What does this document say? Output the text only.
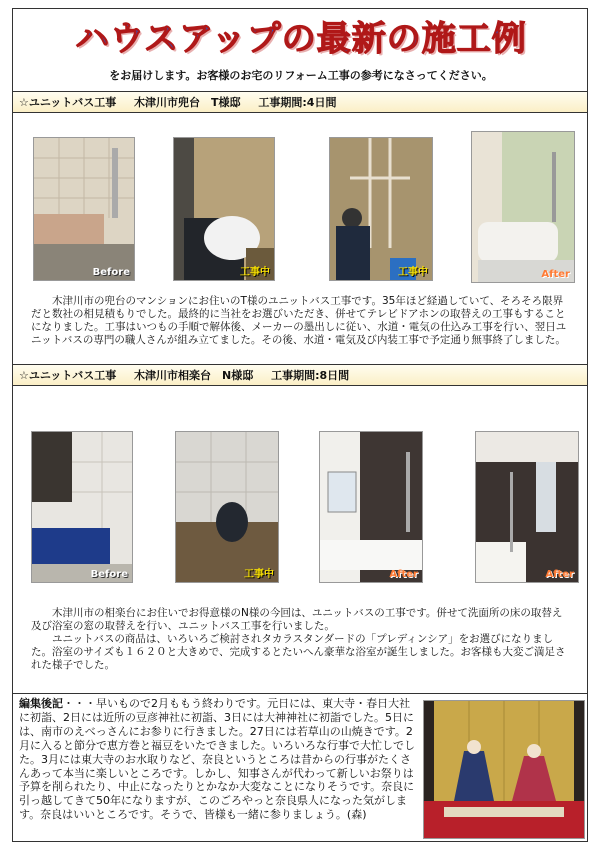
ハウスアップの最新の施工例
をお届けします。お客様のお宅のリフォーム工事の参考になさってください。
☆ユニットバス工事 木津川市兜台　T様邸 工事期間:4日間
Before	工事中	工事中	After

木津川市の兜台のマンションにお住いのT様のユニットバス工事です。35年ほど経過していて、そろそろ限界だと数社の相見積もりでした。最終的に当社をお選びいただき、併せてテレビドアホンの取替えの工事もすることになりました。工事はいつもの手順で解体後、メーカーの墨出しに従い、水道・電気の仕込み工事を行い、翌日ユニットバスの専門の職人さんが組み立てました。その後、水道・電気及び内装工事で予定通り無事終了しました。

☆ユニットバス工事 木津川市相楽台　N様邸 工事期間:8日間
Before	工事中	After	After

木津川市の相楽台にお住いでお得意様のN様の今回は、ユニットバスの工事です。併せて洗面所の床の取替え及び浴室の窓の取替えを行い、ユニットバス工事を行いました。

ユニットバスの商品は、いろいろご検討されタカラスタンダードの「プレディンシア」をお選びになりました。浴室のサイズも１６２０と大きめで、完成するとたいへん豪華な浴室が誕生しました。お客様も大変ご満足された様子でした。

編集後記・・・早いもので2月ももう終わりです。元日には、東大寺・春日大社に初詣、2日には近所の豆彦神社に初詣、3日には大神神社に初詣でした。5日には、南市のえべっさんにお参りに行きました。27日には若草山の山焼きです。2月に入ると節分で恵方巻と福豆をいたできました。いろいろな行事で大忙しでした。3月には東大寺のお水取りなど、奈良というところは昔からの行事がたくさんあって本当に楽しいところです。しかし、知事さんが代わって新しいお祭りは予算を削られたり、中止になったりとかなか大変なことになりそうです。奈良に引っ越してきて50年になりますが、このごろやっと奈良県人になった気がします。奈良はいいところです。そうで、皆様も一緒に参りましょう。(森)
